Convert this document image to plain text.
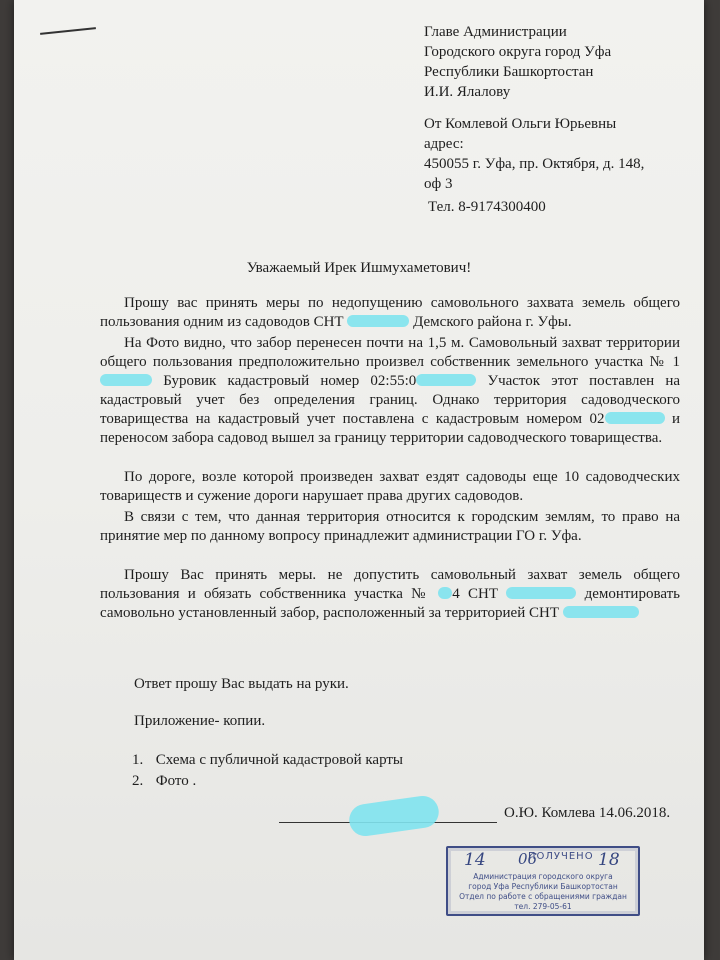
Главе Администрации
Городского округа город Уфа
Республики Башкортостан
И.И. Ялалову
От Комлевой Ольги Юрьевны
адрес:
450055 г. Уфа, пр. Октября, д. 148,
оф 3
Тел. 8-9174300400
Уважаемый Ирек Ишмухаметович!

Прошу вас принять меры по недопущению самовольного захвата земель общего пользования одним из садоводов СНТ	Демского района г. Уфы.

На Фото видно, что забор перенесен почти на 1,5 м. Самовольный захват территории общего пользования предположительно произвел собственник земельного участка № 1 Буровик кадастровый номер 02:55:0	Участок этот поставлен на кадастровый учет без определения границ. Однако территория садоводческого товарищества на кадастровый учет поставлена с кадастровым номером 02	и переносом забора садовод вышел за границу территории садоводческого товарищества.

По дороге, возле которой произведен захват ездят садоводы еще 10 садоводческих товариществ и сужение дороги нарушает права других садоводов.

В связи с тем, что данная территория относится к городским землям, то право на принятие мер по данному вопросу принадлежит администрации ГО г. Уфа.

Прошу Вас принять меры. не допустить самовольный захват земель общего пользования и обязать собственника участка № 4 СНТ	демонтировать самовольно установленный забор, расположенный за территорией СНТ

Ответ прошу Вас выдать на руки.
Приложение- копии.
1. Схема с публичной кадастровой карты
2. Фото .
О.Ю. Комлева 14.06.2018.
14	ПОЛУЧЕНО
06	18
Администрация городского округа
город Уфа Республики Башкортостан
Отдел по работе с обращениями граждан
тел. 279-05-61
